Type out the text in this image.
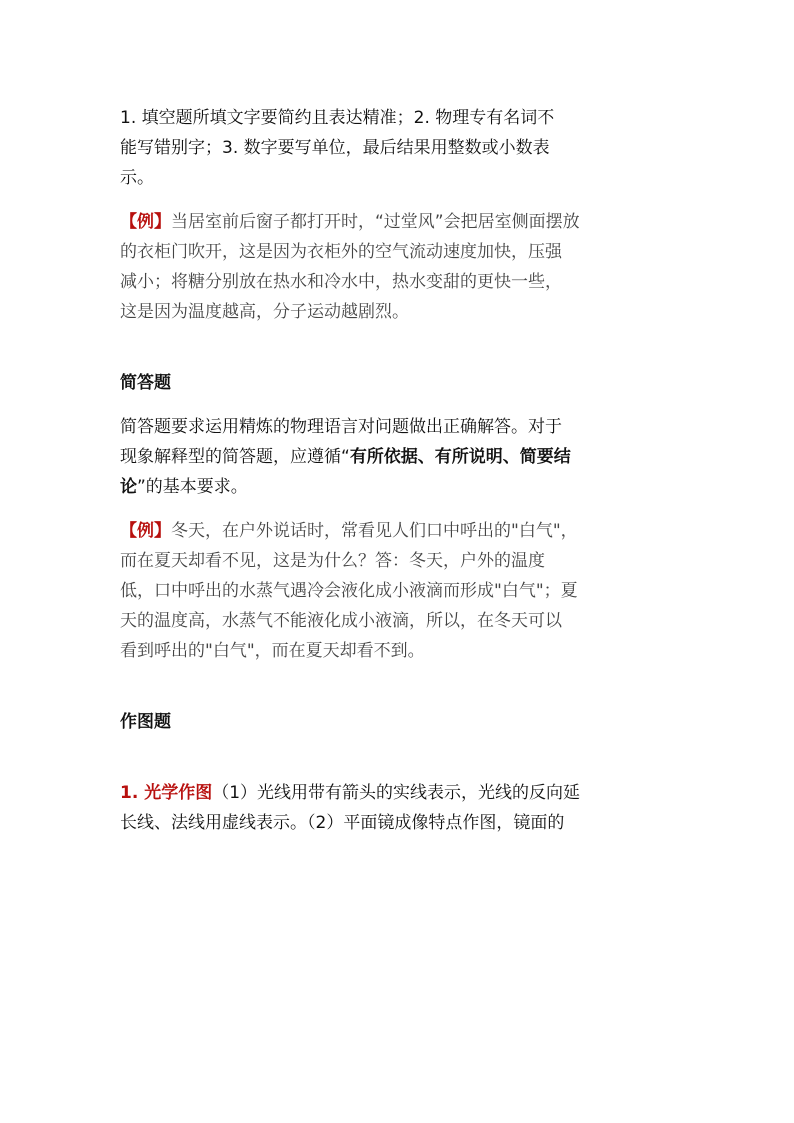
1. 填空题所填文字要简约且表达精准；2. 物理专有名词不
能写错别字；3. 数字要写单位，最后结果用整数或小数表
示。
【例】当居室前后窗子都打开时，“过堂风”会把居室侧面摆放
的衣柜门吹开，这是因为衣柜外的空气流动速度加快，压强
减小；将糖分别放在热水和冷水中，热水变甜的更快一些，
这是因为温度越高，分子运动越剧烈。
简答题
简答题要求运用精炼的物理语言对问题做出正确解答。对于
现象解释型的简答题，应遵循“有所依据、有所说明、简要结
论”的基本要求。
【例】冬天，在户外说话时，常看见人们口中呼出的"白气"，
而在夏天却看不见，这是为什么？答：冬天，户外的温度
低，口中呼出的水蒸气遇冷会液化成小液滴而形成"白气"；夏
天的温度高，水蒸气不能液化成小液滴，所以，在冬天可以
看到呼出的"白气"，而在夏天却看不到。
作图题
1. 光学作图（1）光线用带有箭头的实线表示，光线的反向延
长线、法线用虚线表示。（2）平面镜成像特点作图，镜面的
